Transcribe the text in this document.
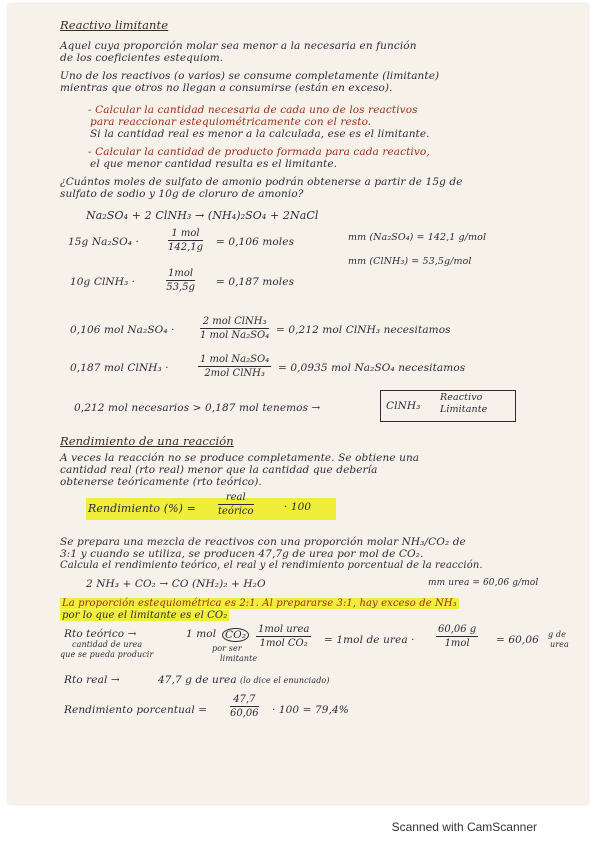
Reactivo limitante
Aquel cuya proporción molar sea menor a la necesaria en función
de los coeficientes estequiom.
Uno de los reactivos (o varios) se consume completamente (limitante)
mientras que otros no llegan a consumirse (están en exceso).
- Calcular la cantidad necesaria de cada uno de los reactivos
para reaccionar estequiométricamente con el resto.
Si la cantidad real es menor a la calculada, ese es el limitante.
- Calcular la cantidad de producto formada para cada reactivo,
el que menor cantidad resulta es el limitante.
¿Cuántos moles de sulfato de amonio podrán obtenerse a partir de 15g de
sulfato de sodio y 10g de cloruro de amonio?
Na₂SO₄ + 2 ClNH₃ → (NH₄)₂SO₄ + 2NaCl
15g Na₂SO₄ ·
1 mol
142,1g = 0,106 moles	mm (Na₂SO₄) = 142,1 g/mol
mm (ClNH₃) = 53,5g/mol
10g ClNH₃ ·
1mol
53,5g = 0,187 moles
0,106 mol Na₂SO₄ ·
2 mol ClNH₃
1 mol Na₂SO₄ = 0,212 mol ClNH₃ necesitamos
0,187 mol ClNH₃ ·
1 mol Na₂SO₄
2mol ClNH₃	= 0,0935 mol Na₂SO₄ necesitamos
0,212 mol necesarios > 0,187 mol tenemos →	ClNH₃
Reactivo
Limitante
Rendimiento de una reacción
A veces la reacción no se produce completamente. Se obtiene una
cantidad real (rto real) menor que la cantidad que debería
obtenerse teóricamente (rto teórico).
Rendimiento (%) =
real
teórico	· 100
Se prepara una mezcla de reactivos con una proporción molar NH₃/CO₂ de
3:1 y cuando se utiliza, se producen 47,7g de urea por mol de CO₂.
Calcula el rendimiento teórico, el real y el rendimiento porcentual de la reacción.
2 NH₃ + CO₂ → CO (NH₂)₂ + H₂O	mm urea = 60,06 g/mol
La proporción estequiométrica es 2:1. Al prepararse 3:1, hay exceso de NH₃
por lo que el limitante es el CO₂
Rto teórico →
cantidad de urea
que se pueda producir
1 mol CO₂
por ser
limitante
1mol urea
1mol CO₂	= 1mol de urea ·
60,06 g
1mol	= 60,06 g de
urea
Rto real →	47,7 g de urea (lo dice el enunciado)
Rendimiento porcentual = $\frac{47,7}{60,06} \cdot 100 = 79,4\%$
Scanned with CamScanner
